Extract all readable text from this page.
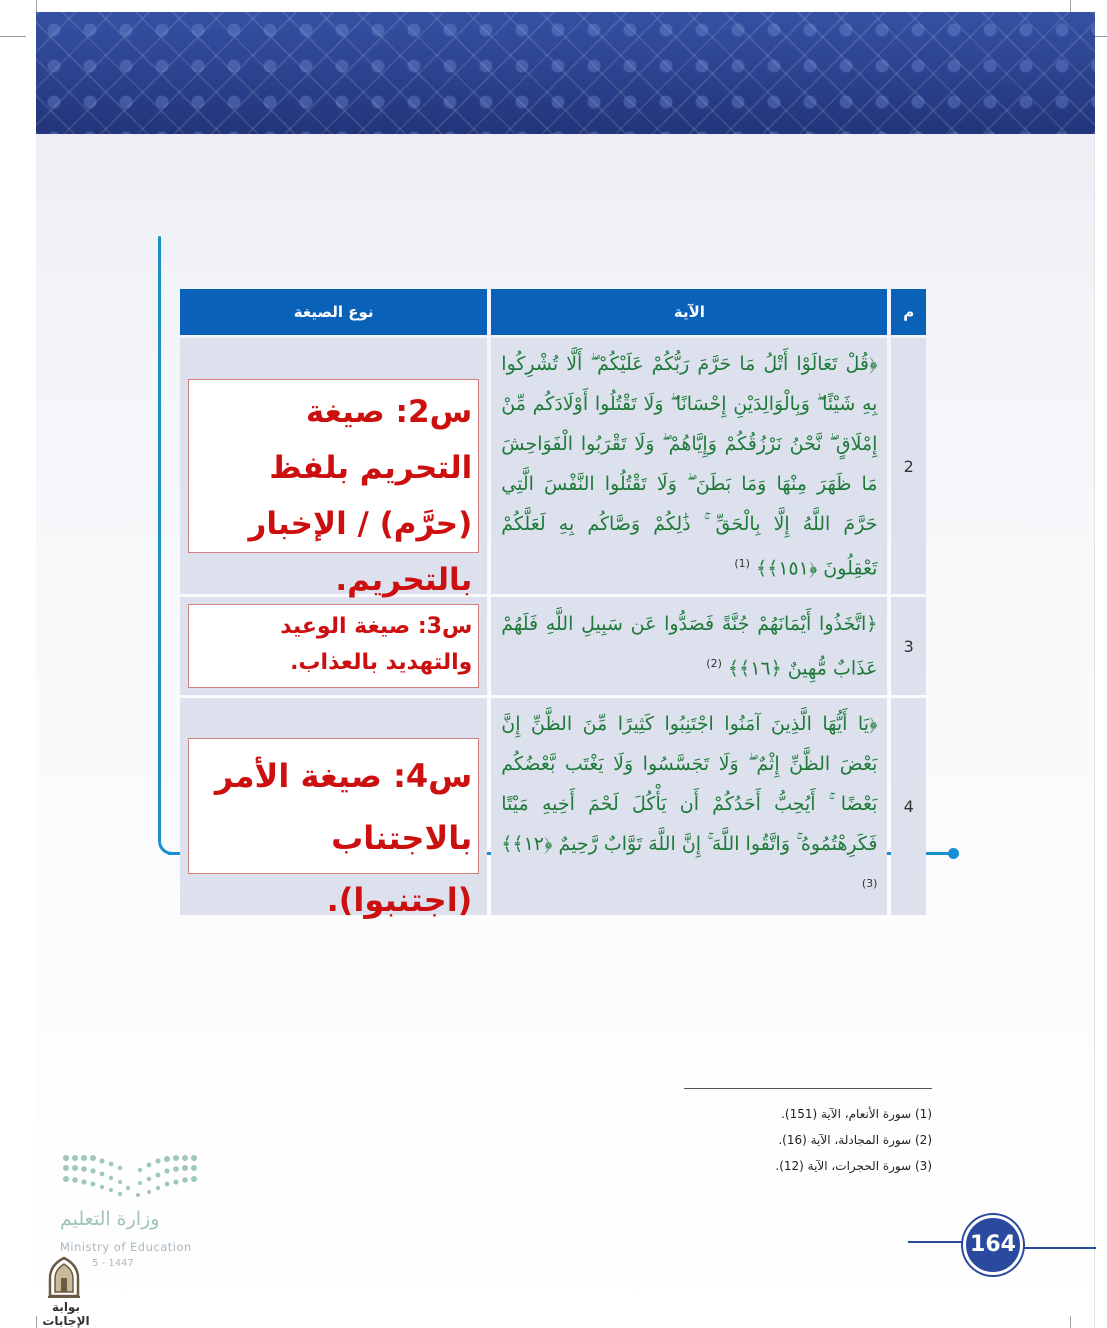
م	الآية	نوع الصيغة
2	﴿قُلْ تَعَالَوْا أَتْلُ مَا حَرَّمَ رَبُّكُمْ عَلَيْكُمْ ۖ أَلَّا تُشْرِكُوا بِهِ شَيْئًا ۖ وَبِالْوَالِدَيْنِ إِحْسَانًا ۖ وَلَا تَقْتُلُوا أَوْلَادَكُم مِّنْ إِمْلَاقٍ ۖ نَّحْنُ نَرْزُقُكُمْ وَإِيَّاهُمْ ۖ وَلَا تَقْرَبُوا الْفَوَاحِشَ مَا ظَهَرَ مِنْهَا وَمَا بَطَنَ ۖ وَلَا تَقْتُلُوا النَّفْسَ الَّتِي حَرَّمَ اللَّهُ إِلَّا بِالْحَقِّ ۚ ذَٰلِكُمْ وَصَّاكُم بِهِ لَعَلَّكُمْ تَعْقِلُونَ ﴿١٥١﴾﴾ $^{(1)}$	س2: صيغة التحريم بلفظ (حرَّم) / الإخبار بالتحريم.

3	﴿اتَّخَذُوا أَيْمَانَهُمْ جُنَّةً فَصَدُّوا عَن سَبِيلِ اللَّهِ فَلَهُمْ عَذَابٌ مُّهِينٌ ﴿١٦﴾﴾ $^{(2)}$	س3: صيغة الوعيد والتهديد بالعذاب.

4	﴿يَا أَيُّهَا الَّذِينَ آمَنُوا اجْتَنِبُوا كَثِيرًا مِّنَ الظَّنِّ إِنَّ بَعْضَ الظَّنِّ إِثْمٌ ۖ وَلَا تَجَسَّسُوا وَلَا يَغْتَب بَّعْضُكُم بَعْضًا ۚ أَيُحِبُّ أَحَدُكُمْ أَن يَأْكُلَ لَحْمَ أَخِيهِ مَيْتًا فَكَرِهْتُمُوهُ ۚ وَاتَّقُوا اللَّهَ ۚ إِنَّ اللَّهَ تَوَّابٌ رَّحِيمٌ ﴿١٢﴾﴾ $^{(3)}$	س4: صيغة الأمر بالاجتناب (اجتنبوا).
(1) سورة الأنعام، الآية (151).
(2) سورة المجادلة، الآية (16).
(3) سورة الحجرات، الآية (12).
وزارة التعليم
Ministry of Education
5 - 1447
164
بوابة الإجابات
